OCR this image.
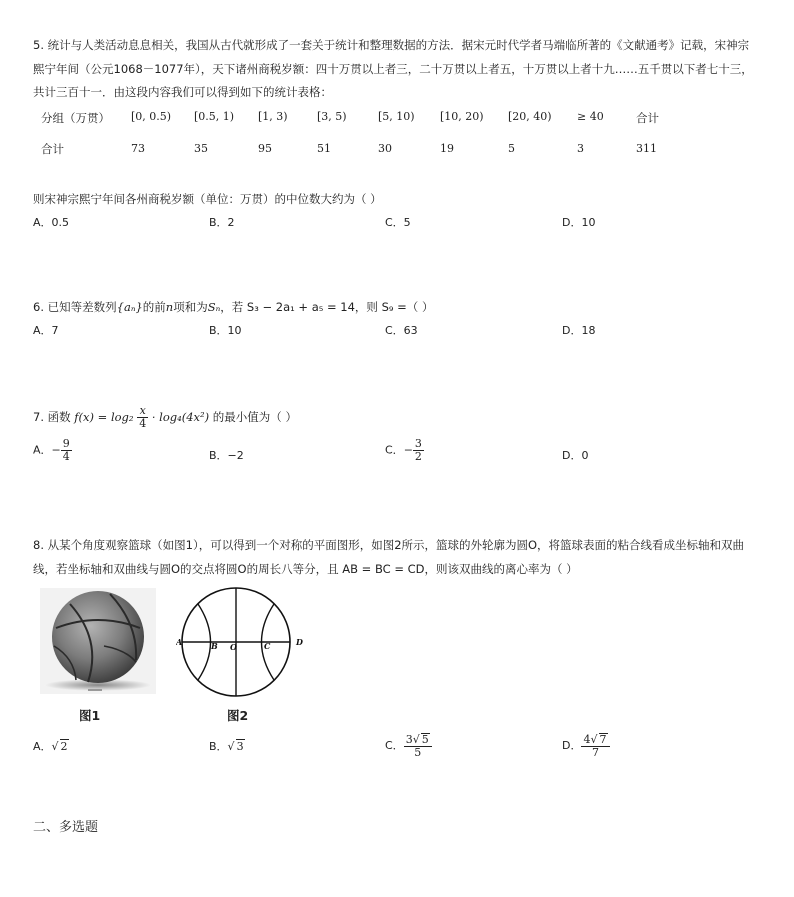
5. 统计与人类活动息息相关，我国从古代就形成了一套关于统计和整理数据的方法．据宋元时代学者马端临所著的《文献通考》记载，宋神宗
熙宁年间（公元1068－1077年），天下诸州商税岁额：四十万贯以上者三，二十万贯以上者五，十万贯以上者十九……五千贯以下者七十三，
共计三百十一．由这段内容我们可以得到如下的统计表格：
分组（万贯） [0, 0.5) [0.5, 1) [1, 3)	[3, 5)	[5, 10) [10, 20) [20, 40) ≥ 40	合计
合计	73	35	95	51	30	19	5	3	311
则宋神宗熙宁年间各州商税岁额（单位：万贯）的中位数大约为（ ）
A．0.5	B．2	C．5	D．10
6. 已知等差数列{aₙ}的前n项和为Sₙ，若 S₃ − 2a₁ + a₅ = 14，则 S₉ =（ ）
A．7	B．10	C．63	D．18
7. 函数 $f(x) = \log_2 \frac{x}{4} \cdot \log_4(4x^2)$ 的最小值为（ ）
A．− $\frac{9}{4}$	B．−2	C．− $\frac{3}{2}$	D．0
8. 从某个角度观察篮球（如图1），可以得到一个对称的平面图形，如图2所示，篮球的外轮廓为圆O，将篮球表面的粘合线看成坐标轴和双曲
线，若坐标轴和双曲线与圆O的交点将圆O的周长八等分，且 AB = BC = CD，则该双曲线的离心率为（ ）
图1
A	B O	C	D
图2
A．√ 2	B．√ 3	C． $\frac{3√ 5}{5}$	D． $\frac{4√ 7}{7}$
二、多选题
